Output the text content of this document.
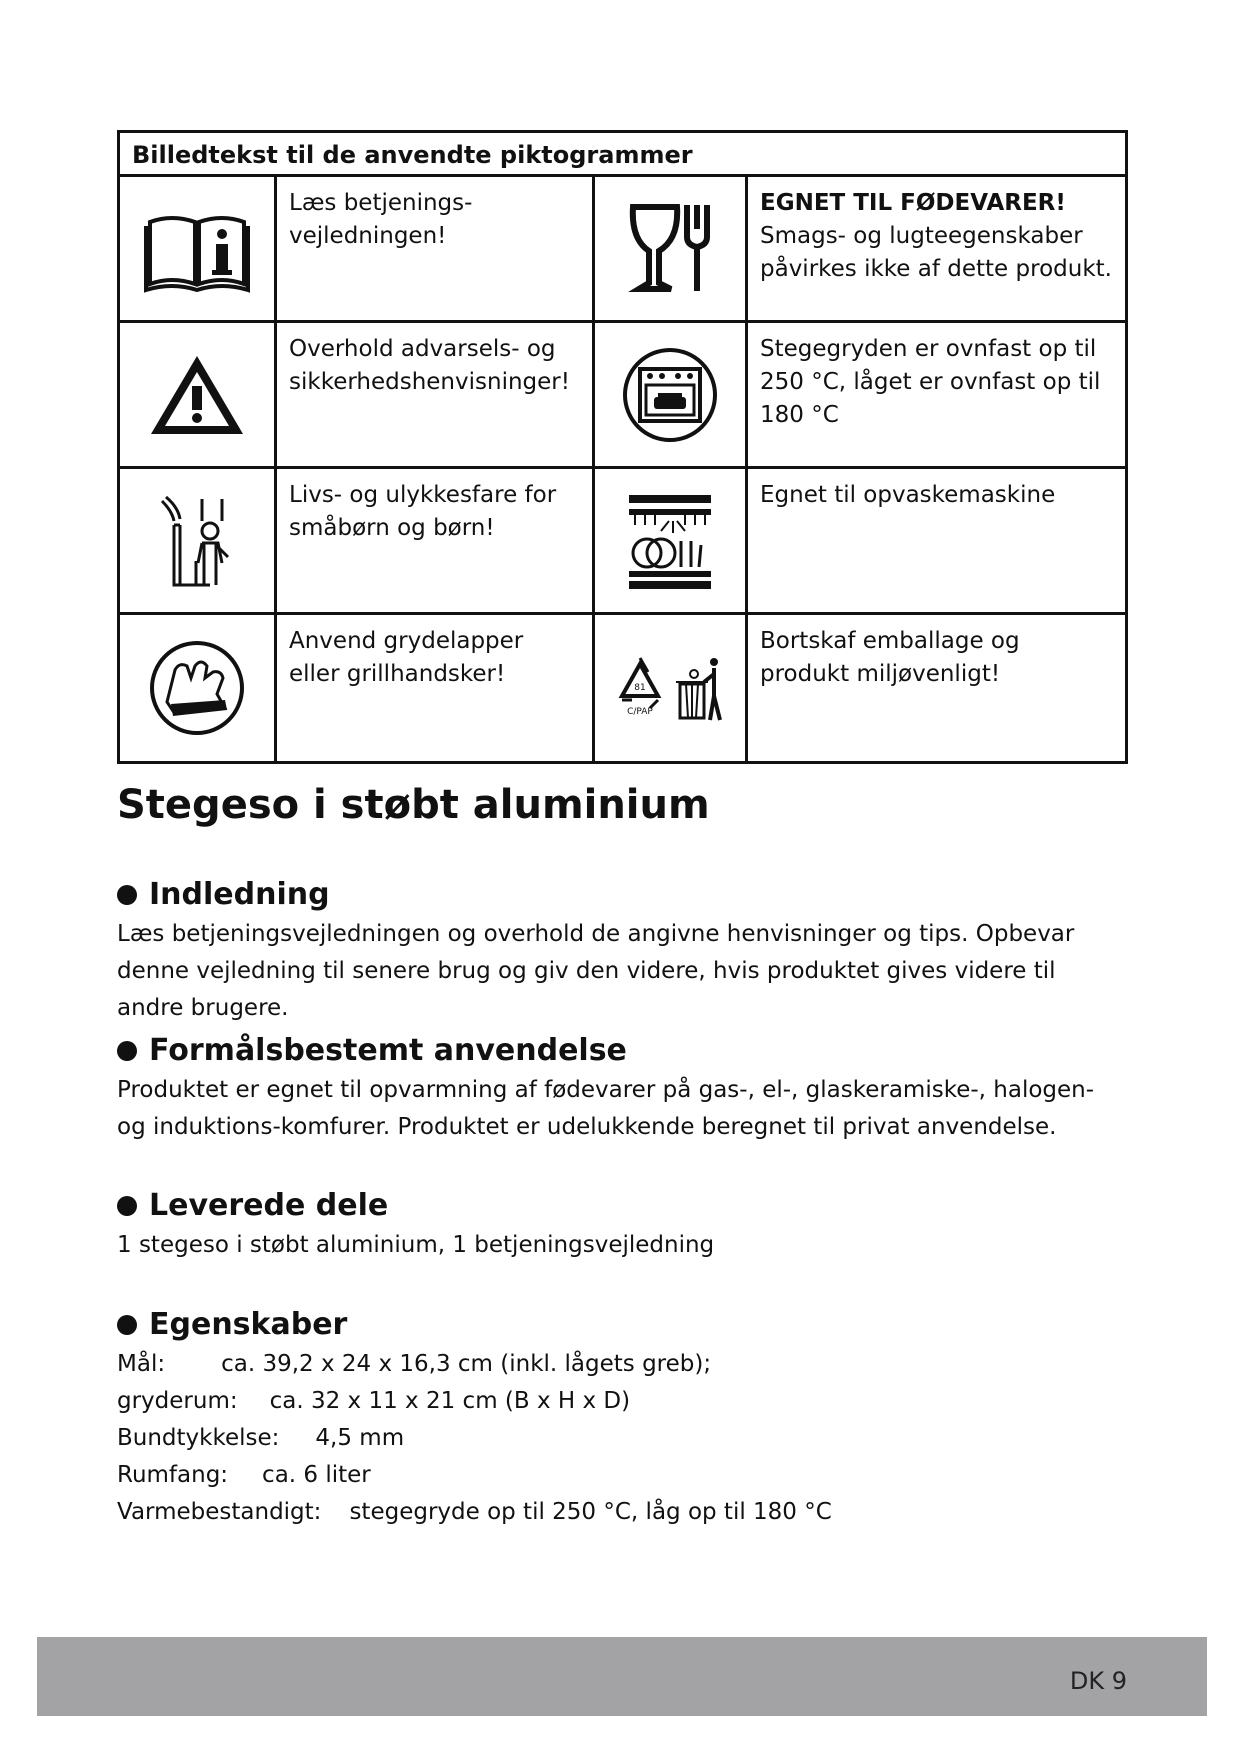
Billedtekst til de anvendte piktogrammer
Læs betjenings-vejledningen!
EGNET TIL FØDEVARER!
Smags- og lugteegenskaber påvirkes ikke af dette produkt.
Overhold advarsels- og sikkerhedshenvisninger!
Stegegryden er ovnfast op til 250 °C, låget er ovnfast op til 180 °C
Livs- og ulykkesfare for småbørn og børn!
Egnet til opvaskemaskine
Anvend grydelapper eller grillhandsker!
81
C/PAP
Bortskaf emballage og produkt miljøvenligt!
Stegeso i støbt aluminium
Indledning

Læs betjeningsvejledningen og overhold de angivne henvisninger og tips. Opbevar denne vejledning til senere brug og giv den videre, hvis produktet gives videre til andre brugere.

Formålsbestemt anvendelse

Produktet er egnet til opvarmning af fødevarer på gas-, el-, glaskeramiske-, halogen- og induktions-komfurer. Produktet er udelukkende beregnet til privat anvendelse.

Leverede dele

1 stegeso i støbt aluminium, 1 betjeningsvejledning

Egenskaber
Mål: ca. 39,2 x 24 x 16,3 cm (inkl. lågets greb);
gryderum: ca. 32 x 11 x 21 cm (B x H x D)
Bundtykkelse: 4,5 mm
Rumfang: ca. 6 liter
Varmebestandigt: stegegryde op til 250 °C, låg op til 180 °C
DK 9
